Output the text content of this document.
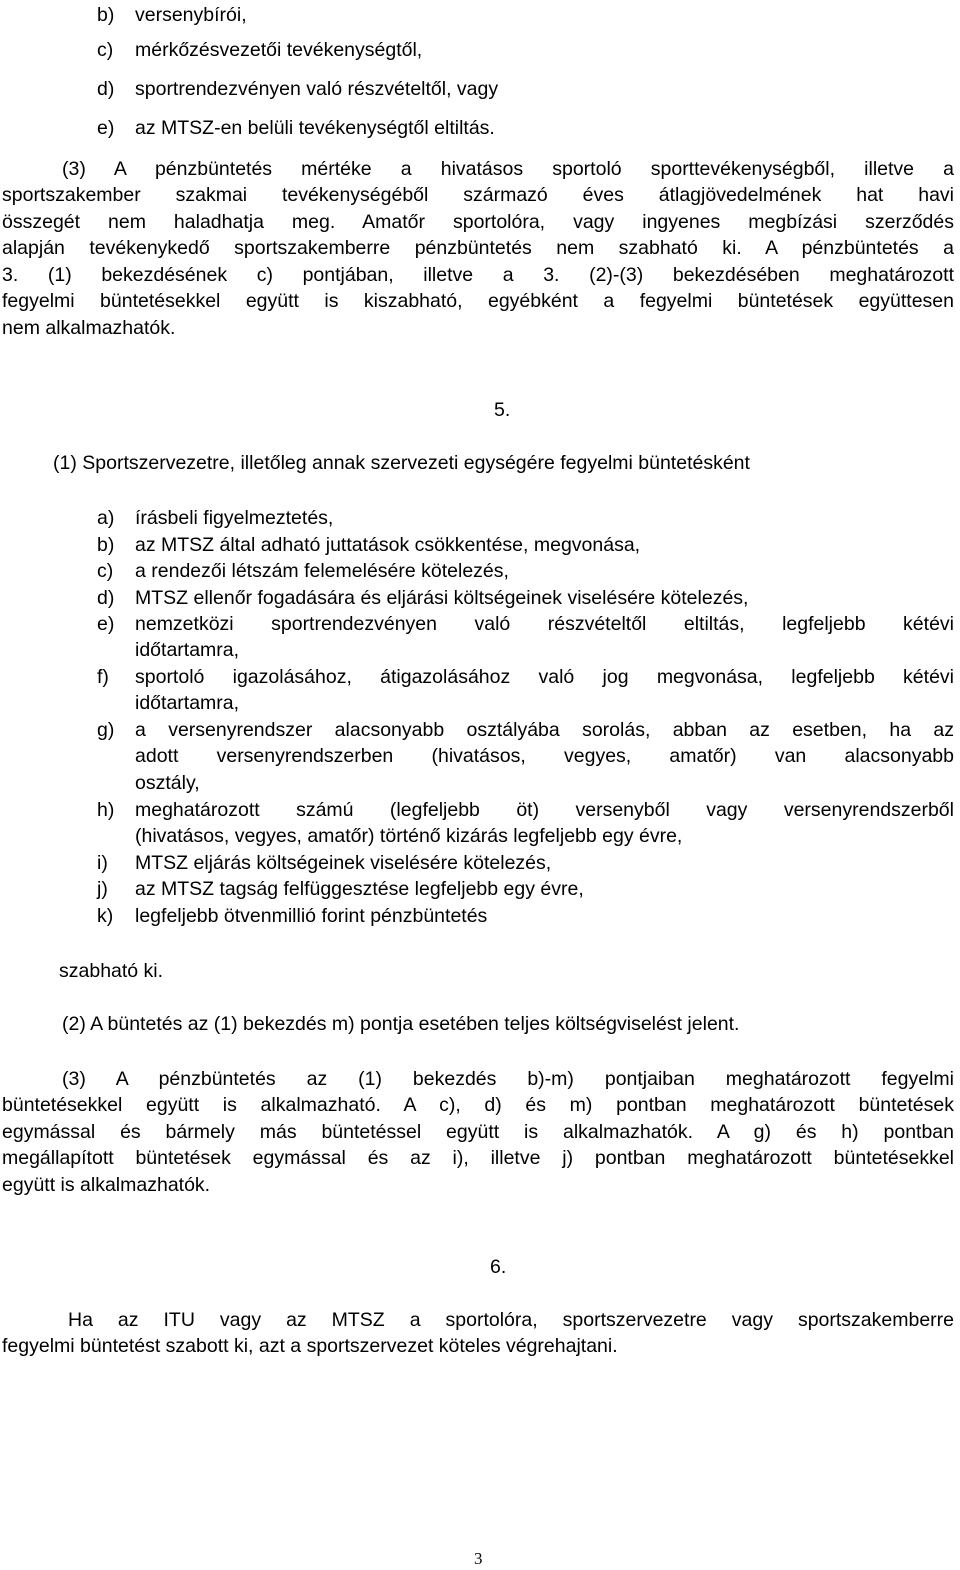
b) versenybírói,
c) mérkőzésvezetői tevékenységtől,
d) sportrendezvényen való részvételtől, vagy
e) az MTSZ-en belüli tevékenységtől eltiltás.
(3) A pénzbüntetés mértéke a hivatásos sportoló sporttevékenységből, illetve a
sportszakember szakmai tevékenységéből származó éves átlagjövedelmének hat havi
összegét nem haladhatja meg. Amatőr sportolóra, vagy ingyenes megbízási szerződés
alapján tevékenykedő sportszakemberre pénzbüntetés nem szabható ki. A pénzbüntetés a
3. (1) bekezdésének c) pontjában, illetve a 3. (2)-(3) bekezdésében meghatározott
fegyelmi büntetésekkel együtt is kiszabható, egyébként a fegyelmi büntetések együttesen
nem alkalmazhatók.
5.
(1) Sportszervezetre, illetőleg annak szervezeti egységére fegyelmi büntetésként
a) írásbeli figyelmeztetés,
b) az MTSZ által adható juttatások csökkentése, megvonása,
c) a rendezői létszám felemelésére kötelezés,
d) MTSZ ellenőr fogadására és eljárási költségeinek viselésére kötelezés,
e) nemzetközi sportrendezvényen való részvételtől eltiltás, legfeljebb kétévi
időtartamra,
f) sportoló igazolásához, átigazolásához való jog megvonása, legfeljebb kétévi
időtartamra,
g) a versenyrendszer alacsonyabb osztályába sorolás, abban az esetben, ha az
adott versenyrendszerben (hivatásos, vegyes, amatőr) van alacsonyabb
osztály,
h) meghatározott számú (legfeljebb öt) versenyből vagy versenyrendszerből
(hivatásos, vegyes, amatőr) történő kizárás legfeljebb egy évre,
i) MTSZ eljárás költségeinek viselésére kötelezés,
j) az MTSZ tagság felfüggesztése legfeljebb egy évre,
k) legfeljebb ötvenmillió forint pénzbüntetés
szabható ki.
(2) A büntetés az (1) bekezdés m) pontja esetében teljes költségviselést jelent.
(3) A pénzbüntetés az (1) bekezdés b)-m) pontjaiban meghatározott fegyelmi
büntetésekkel együtt is alkalmazható. A c), d) és m) pontban meghatározott büntetések
egymással és bármely más büntetéssel együtt is alkalmazhatók. A g) és h) pontban
megállapított büntetések egymással és az i), illetve j) pontban meghatározott büntetésekkel
együtt is alkalmazhatók.
6.
Ha az ITU vagy az MTSZ a sportolóra, sportszervezetre vagy sportszakemberre
fegyelmi büntetést szabott ki, azt a sportszervezet köteles végrehajtani.
3
